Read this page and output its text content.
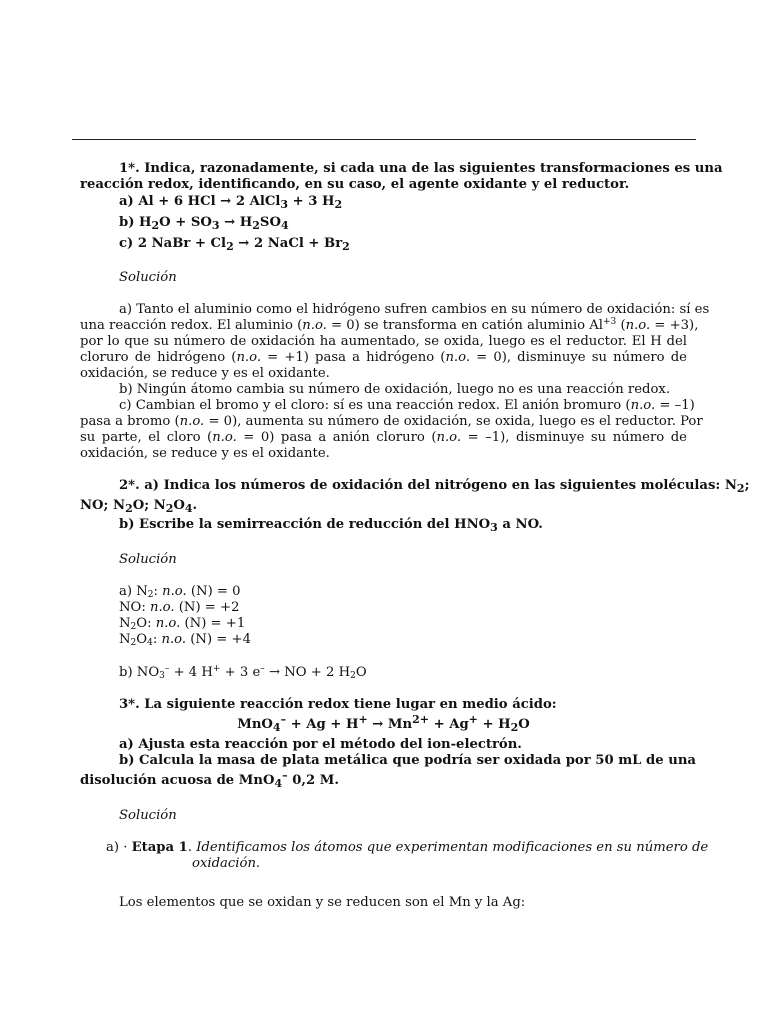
1*. Indica, razonadamente, si cada una de las siguientes transformaciones es una
reacción redox, identificando, en su caso, el agente oxidante y el reductor.
a) Al + 6 HCl → 2 AlCl$_3$ + 3 $H_2$
b) $H_2O + SO_3 \to H_2SO_4$
c) 2 NaBr + $Cl_2 \to 2$ NaCl + $Br_2$
Solución
a) Tanto el aluminio como el hidrógeno sufren cambios en su número de oxidación: sí es
una reacción redox. El aluminio (n.o. = 0) se transforma en catión aluminio $Al^{+3}$ (n.o. = +3),
por lo que su número de oxidación ha aumentado, se oxida, luego es el reductor. El H del
cloruro de hidrógeno (n.o. = +1) pasa a hidrógeno (n.o. = 0), disminuye su número de
oxidación, se reduce y es el oxidante.
b) Ningún átomo cambia su número de oxidación, luego no es una reacción redox.
c) Cambian el bromo y el cloro: sí es una reacción redox. El anión bromuro (n.o. = –1)
pasa a bromo (n.o. = 0), aumenta su número de oxidación, se oxida, luego es el reductor. Por
su parte, el cloro (n.o. = 0) pasa a anión cloruro (n.o. = –1), disminuye su número de
oxidación, se reduce y es el oxidante.
2*. a) Indica los números de oxidación del nitrógeno en las siguientes moléculas: $N_2$;
NO; $N_2O$; $N_2O_4$.
b) Escribe la semirreacción de reducción del $HNO_3$ a NO.
Solución
a) $N_2$: n.o. (N) = 0
NO: n.o. (N) = +2
$N_2O$: n.o. (N) = +1
$N_2O_4$: n.o. (N) = +4
b) $NO_3^- + 4$ H+ + 3 e– → NO + 2 $H_2O$
3*. La siguiente reacción redox tiene lugar en medio ácido:
$MnO_4^- + Ag + H^+ \to Mn^{2+} + Ag^+ + H_2O$
a) Ajusta esta reacción por el método del ion-electrón.
b) Calcula la masa de plata metálica que podría ser oxidada por 50 mL de una
disolución acuosa de MnO$_4$– 0,2 M.
Solución
a) · Etapa 1. Identificamos los átomos que experimentan modificaciones en su número de
oxidación.
Los elementos que se oxidan y se reducen son el Mn y la Ag:
